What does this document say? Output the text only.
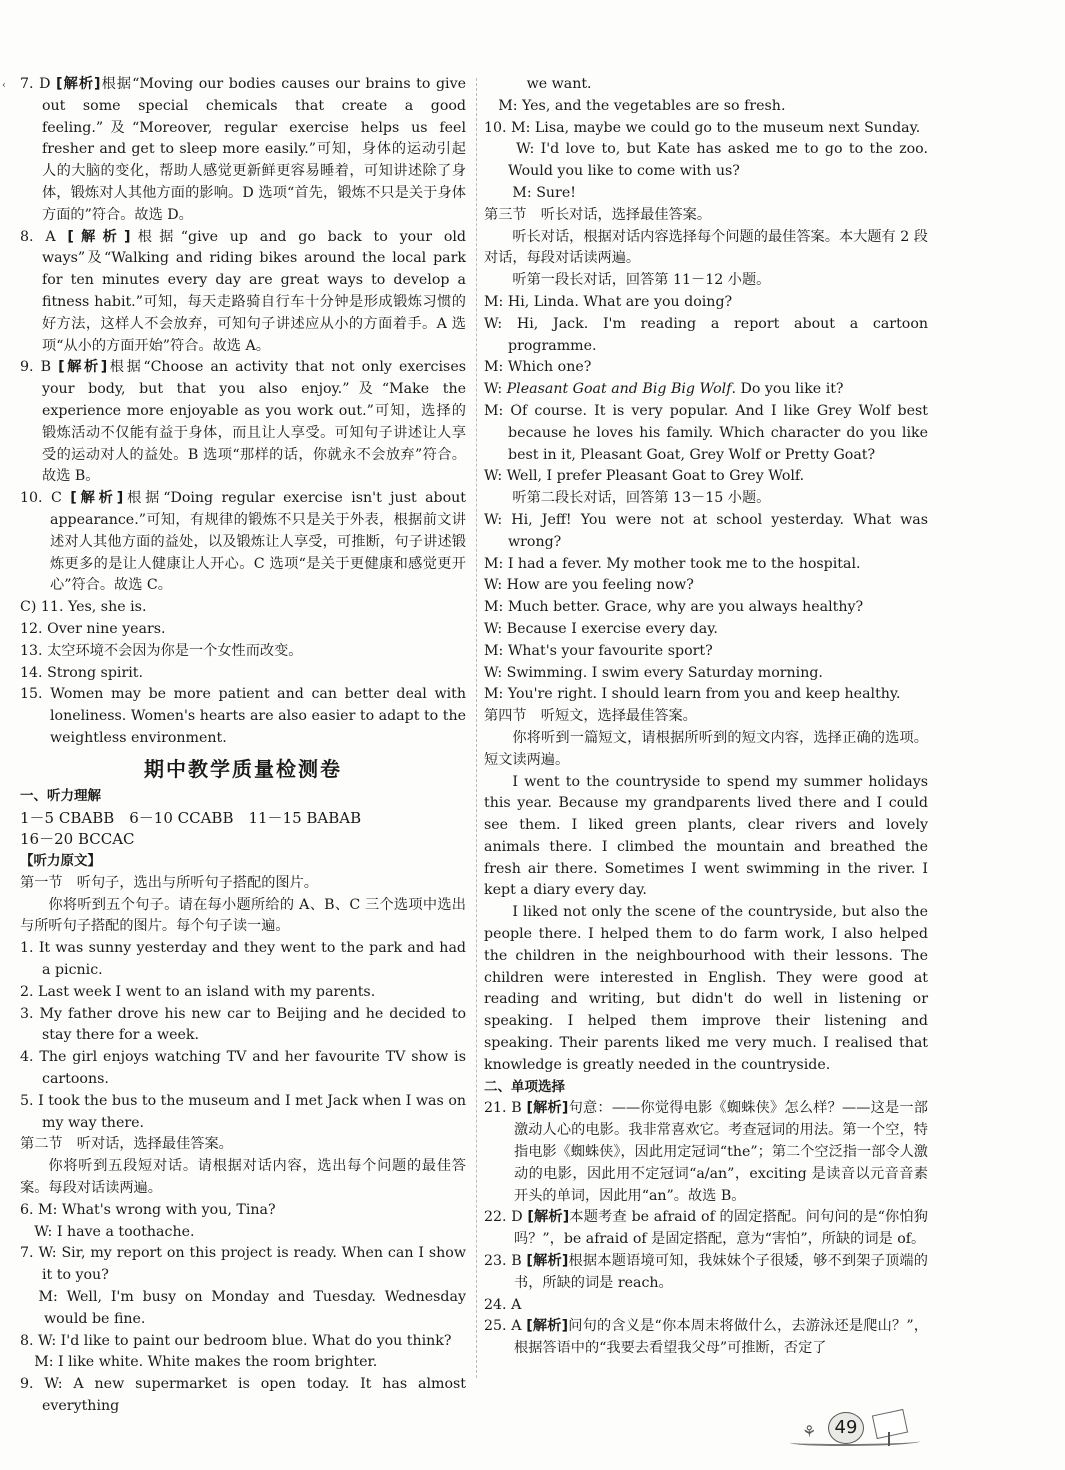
‹ 7. D [解析]根据“Moving our bodies causes our brains to give out some special chemicals that create a good feeling.”及“Moreover, regular exercise helps us feel fresher and get to sleep more easily.”可知，身体的运动引起人的大脑的变化，帮助人感觉更新鲜更容易睡着，可知讲述除了身体，锻炼对人其他方面的影响。D 选项“首先，锻炼不只是关于身体方面的”符合。故选 D。

8. A [解析]根据“give up and go back to your old ways”及“Walking and riding bikes around the local park for ten minutes every day are great ways to develop a fitness habit.”可知，每天走路骑自行车十分钟是形成锻炼习惯的好方法，这样人不会放弃，可知句子讲述应从小的方面着手。A 选项“从小的方面开始”符合。故选 A。

9. B [解析]根据“Choose an activity that not only exercises your body, but that you also enjoy.”及“Make the experience more enjoyable as you work out.”可知，选择的锻炼活动不仅能有益于身体，而且让人享受。可知句子讲述让人享受的运动对人的益处。B 选项“那样的话，你就永不会放弃”符合。故选 B。

10. C [解析]根据“Doing regular exercise isn't just about appearance.”可知，有规律的锻炼不只是关于外表，根据前文讲述对人其他方面的益处，以及锻炼让人享受，可推断，句子讲述锻炼更多的是让人健康让人开心。C 选项“是关于更健康和感觉更开心”符合。故选 C。

C) 11. Yes, she is.

12. Over nine years.

13. 太空环境不会因为你是一个女性而改变。

14. Strong spirit.

15. Women may be more patient and can better deal with loneliness. Women's hearts are also easier to adapt to the weightless environment.

期中教学质量检测卷

一、听力理解

1－5 CBABB　6－10 CCABB　11－15 BABAB

16－20 BCCAC

【听力原文】

第一节　听句子，选出与所听句子搭配的图片。

你将听到五个句子。请在每小题所给的 A、B、C 三个选项中选出与所听句子搭配的图片。每个句子读一遍。

1. It was sunny yesterday and they went to the park and had a picnic.

2. Last week I went to an island with my parents.

3. My father drove his new car to Beijing and he decided to stay there for a week.

4. The girl enjoys watching TV and her favourite TV show is cartoons.

5. I took the bus to the museum and I met Jack when I was on my way there.

第二节　听对话，选择最佳答案。

你将听到五段短对话。请根据对话内容，选出每个问题的最佳答案。每段对话读两遍。

6. M: What's wrong with you, Tina?

　W: I have a toothache.

7. W: Sir, my report on this project is ready. When can I show it to you?

　M: Well, I'm busy on Monday and Tuesday. Wednesday would be fine.

8. W: I'd like to paint our bedroom blue. What do you think?

　M: I like white. White makes the room brighter.

9. W: A new supermarket is open today. It has almost everything

　　　we want.

　M: Yes, and the vegetables are so fresh.

10. M: Lisa, maybe we could go to the museum next Sunday.

　　W: I'd love to, but Kate has asked me to go to the zoo. Would you like to come with us?

　　M: Sure!

第三节　听长对话，选择最佳答案。

听长对话，根据对话内容选择每个问题的最佳答案。本大题有 2 段对话，每段对话读两遍。

听第一段长对话，回答第 11－12 小题。

M: Hi, Linda. What are you doing?

W: Hi, Jack. I'm reading a report about a cartoon programme.

M: Which one?

W: Pleasant Goat and Big Big Wolf. Do you like it?

M: Of course. It is very popular. And I like Grey Wolf best because he loves his family. Which character do you like best in it, Pleasant Goat, Grey Wolf or Pretty Goat?

W: Well, I prefer Pleasant Goat to Grey Wolf.

听第二段长对话，回答第 13－15 小题。

W: Hi, Jeff! You were not at school yesterday. What was wrong?

M: I had a fever. My mother took me to the hospital.

W: How are you feeling now?

M: Much better. Grace, why are you always healthy?

W: Because I exercise every day.

M: What's your favourite sport?

W: Swimming. I swim every Saturday morning.

M: You're right. I should learn from you and keep healthy.

第四节　听短文，选择最佳答案。

你将听到一篇短文，请根据所听到的短文内容，选择正确的选项。短文读两遍。

I went to the countryside to spend my summer holidays this year. Because my grandparents lived there and I could see them. I liked green plants, clear rivers and lovely animals there. I climbed the mountain and breathed the fresh air there. Sometimes I went swimming in the river. I kept a diary every day.

I liked not only the scene of the countryside, but also the people there. I helped them to do farm work, I also helped the children in the neighbourhood with their lessons. The children were interested in English. They were good at reading and writing, but didn't do well in listening or speaking. I helped them improve their listening and speaking. Their parents liked me very much. I realised that knowledge is greatly needed in the countryside.

二、单项选择

21. B [解析]句意：——你觉得电影《蜘蛛侠》怎么样？——这是一部激动人心的电影。我非常喜欢它。考查冠词的用法。第一个空，特指电影《蜘蛛侠》，因此用定冠词“the”；第二个空泛指一部令人激动的电影，因此用不定冠词“a/an”，exciting 是读音以元音音素开头的单词，因此用“an”。故选 B。

22. D [解析]本题考查 be afraid of 的固定搭配。问句问的是“你怕狗吗？”，be afraid of 是固定搭配，意为“害怕”，所缺的词是 of。

23. B [解析]根据本题语境可知，我妹妹个子很矮，够不到架子顶端的书，所缺的词是 reach。

24. A

25. A [解析]问句的含义是“你本周末将做什么，去游泳还是爬山？”，根据答语中的“我要去看望我父母”可推断，否定了

⚘	49
